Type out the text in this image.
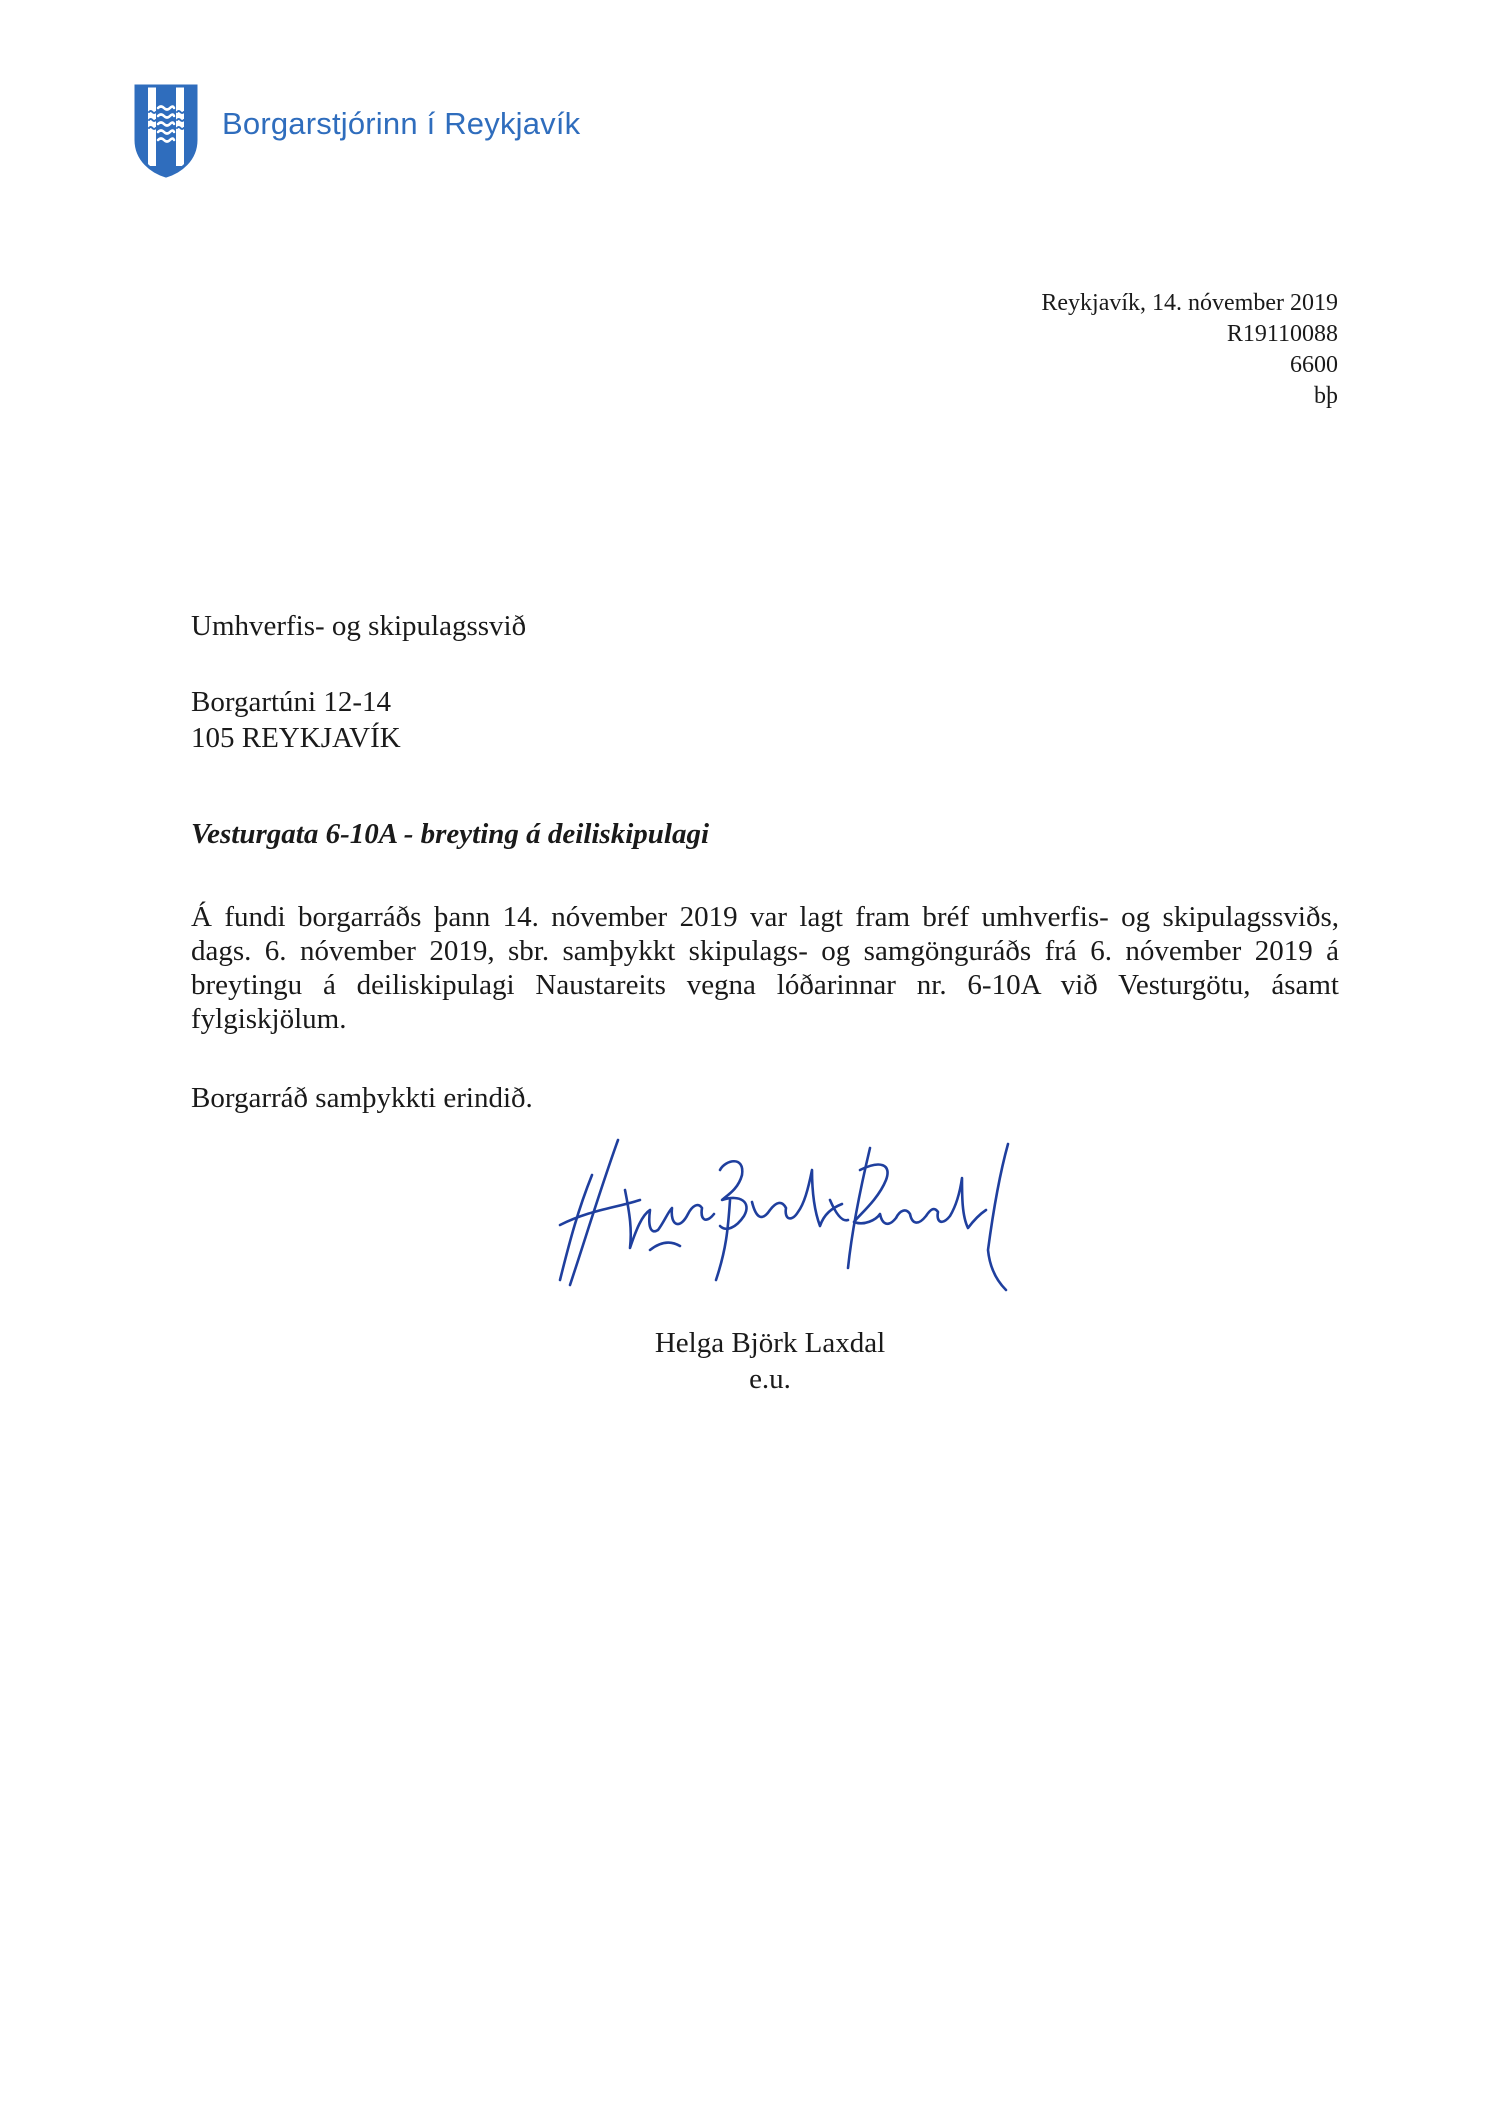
Borgarstjórinn í Reykjavík
Reykjavík, 14. nóvember 2019
R19110088
6600
bþ
Umhverfis- og skipulagssvið
Borgartúni 12-14
105 REYKJAVÍK
Vesturgata 6-10A - breyting á deiliskipulagi
Á fundi borgarráðs þann 14. nóvember 2019 var lagt fram bréf umhverfis- og skipulagssviðs, dags. 6. nóvember 2019, sbr. samþykkt skipulags- og samgönguráðs frá 6. nóvember 2019 á breytingu á deiliskipulagi Naustareits vegna lóðarinnar nr. 6-10A við Vesturgötu, ásamt fylgiskjölum.
Borgarráð samþykkti erindið.
Helga Björk Laxdal
e.u.
